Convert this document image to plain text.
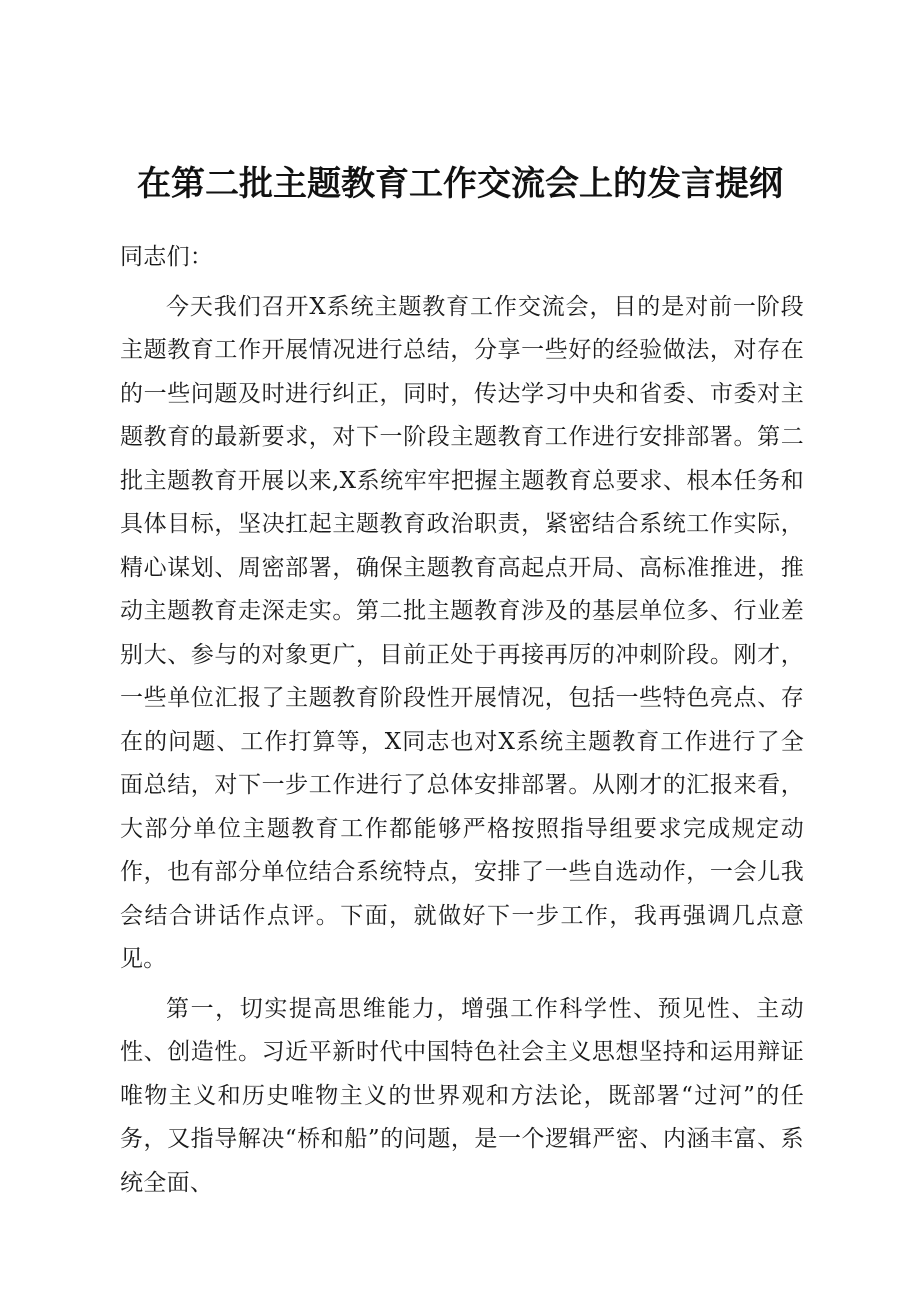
在第二批主题教育工作交流会上的发言提纲

同志们：

今天我们召开X系统主题教育工作交流会，目的是对前一阶段主题教育工作开展情况进行总结，分享一些好的经验做法，对存在的一些问题及时进行纠正，同时，传达学习中央和省委、市委对主题教育的最新要求，对下一阶段主题教育工作进行安排部署。第二批主题教育开展以来,X系统牢牢把握主题教育总要求、根本任务和具体目标，坚决扛起主题教育政治职责，紧密结合系统工作实际，精心谋划、周密部署，确保主题教育高起点开局、高标准推进，推动主题教育走深走实。第二批主题教育涉及的基层单位多、行业差别大、参与的对象更广，目前正处于再接再厉的冲刺阶段。刚才，一些单位汇报了主题教育阶段性开展情况，包括一些特色亮点、存在的问题、工作打算等，X同志也对X系统主题教育工作进行了全面总结，对下一步工作进行了总体安排部署。从刚才的汇报来看，大部分单位主题教育工作都能够严格按照指导组要求完成规定动作，也有部分单位结合系统特点，安排了一些自选动作，一会儿我会结合讲话作点评。下面，就做好下一步工作，我再强调几点意见。

第一，切实提高思维能力，增强工作科学性、预见性、主动性、创造性。习近平新时代中国特色社会主义思想坚持和运用辩证唯物主义和历史唯物主义的世界观和方法论，既部署“过河”的任务，又指导解决“桥和船”的问题，是一个逻辑严密、内涵丰富、系统全面、
